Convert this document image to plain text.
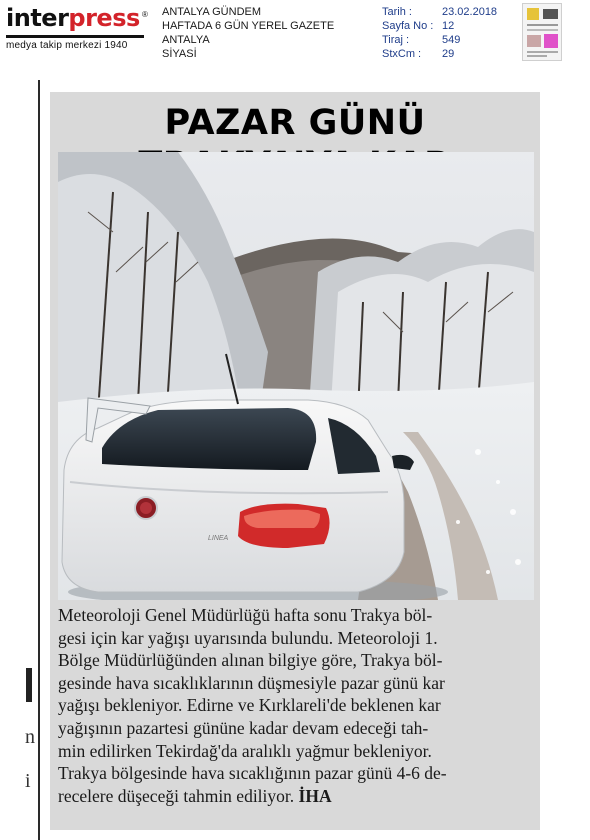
interpress ®
medya takip merkezi 1940
ANTALYA GÜNDEM
HAFTADA 6 GÜN YEREL GAZETE
ANTALYA
SİYASİ
Tarih :	23.02.2018
Sayfa No : 12
Tiraj :	549
StxCm :	29
n
i
PAZAR GÜNÜ
LINEA
Meteoroloji Genel Müdürlüğü hafta sonu Trakya böl-
gesi için kar yağışı uyarısında bulundu. Meteoroloji 1.
Bölge Müdürlüğünden alınan bilgiye göre, Trakya böl-
gesinde hava sıcaklıklarının düşmesiyle pazar günü kar
yağışı bekleniyor. Edirne ve Kırklareli'de beklenen kar
yağışının pazartesi gününe kadar devam edeceği tah-
min edilirken Tekirdağ'da aralıklı yağmur bekleniyor.
Trakya bölgesinde hava sıcaklığının pazar günü 4-6 de-
recelere düşeceği tahmin ediliyor. İHA
